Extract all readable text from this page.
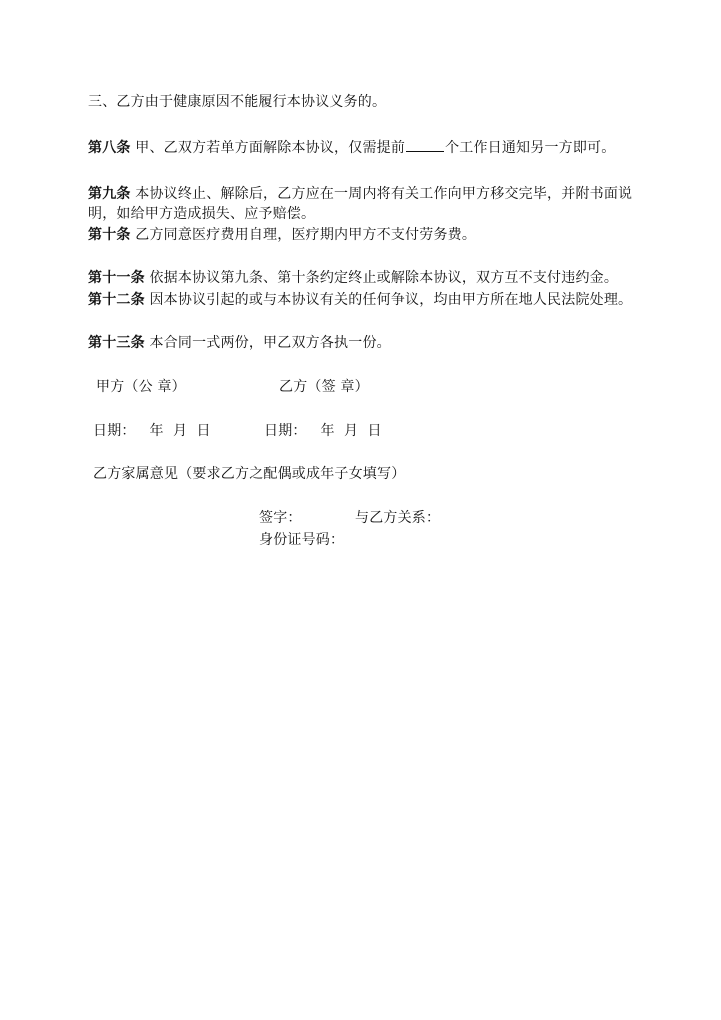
三、乙方由于健康原因不能履行本协议义务的。
第八条 甲、乙双方若单方面解除本协议，仅需提前	个工作日通知另一方即可。
第九条 本协议终止、解除后，乙方应在一周内将有关工作向甲方移交完毕，并附书面说
明，如给甲方造成损失、应予赔偿。
第十条 乙方同意医疗费用自理，医疗期内甲方不支付劳务费。
第十一条 依据本协议第九条、第十条约定终止或解除本协议，双方互不支付违约金。
第十二条 因本协议引起的或与本协议有关的任何争议，均由甲方所在地人民法院处理。
第十三条 本合同一式两份，甲乙双方各执一份。
甲方（公 章）	乙方（签 章）
日期：   年  月  日	日期：   年  月  日
乙方家属意见（要求乙方之配偶或成年子女填写）
签字：	与乙方关系：
身份证号码：
